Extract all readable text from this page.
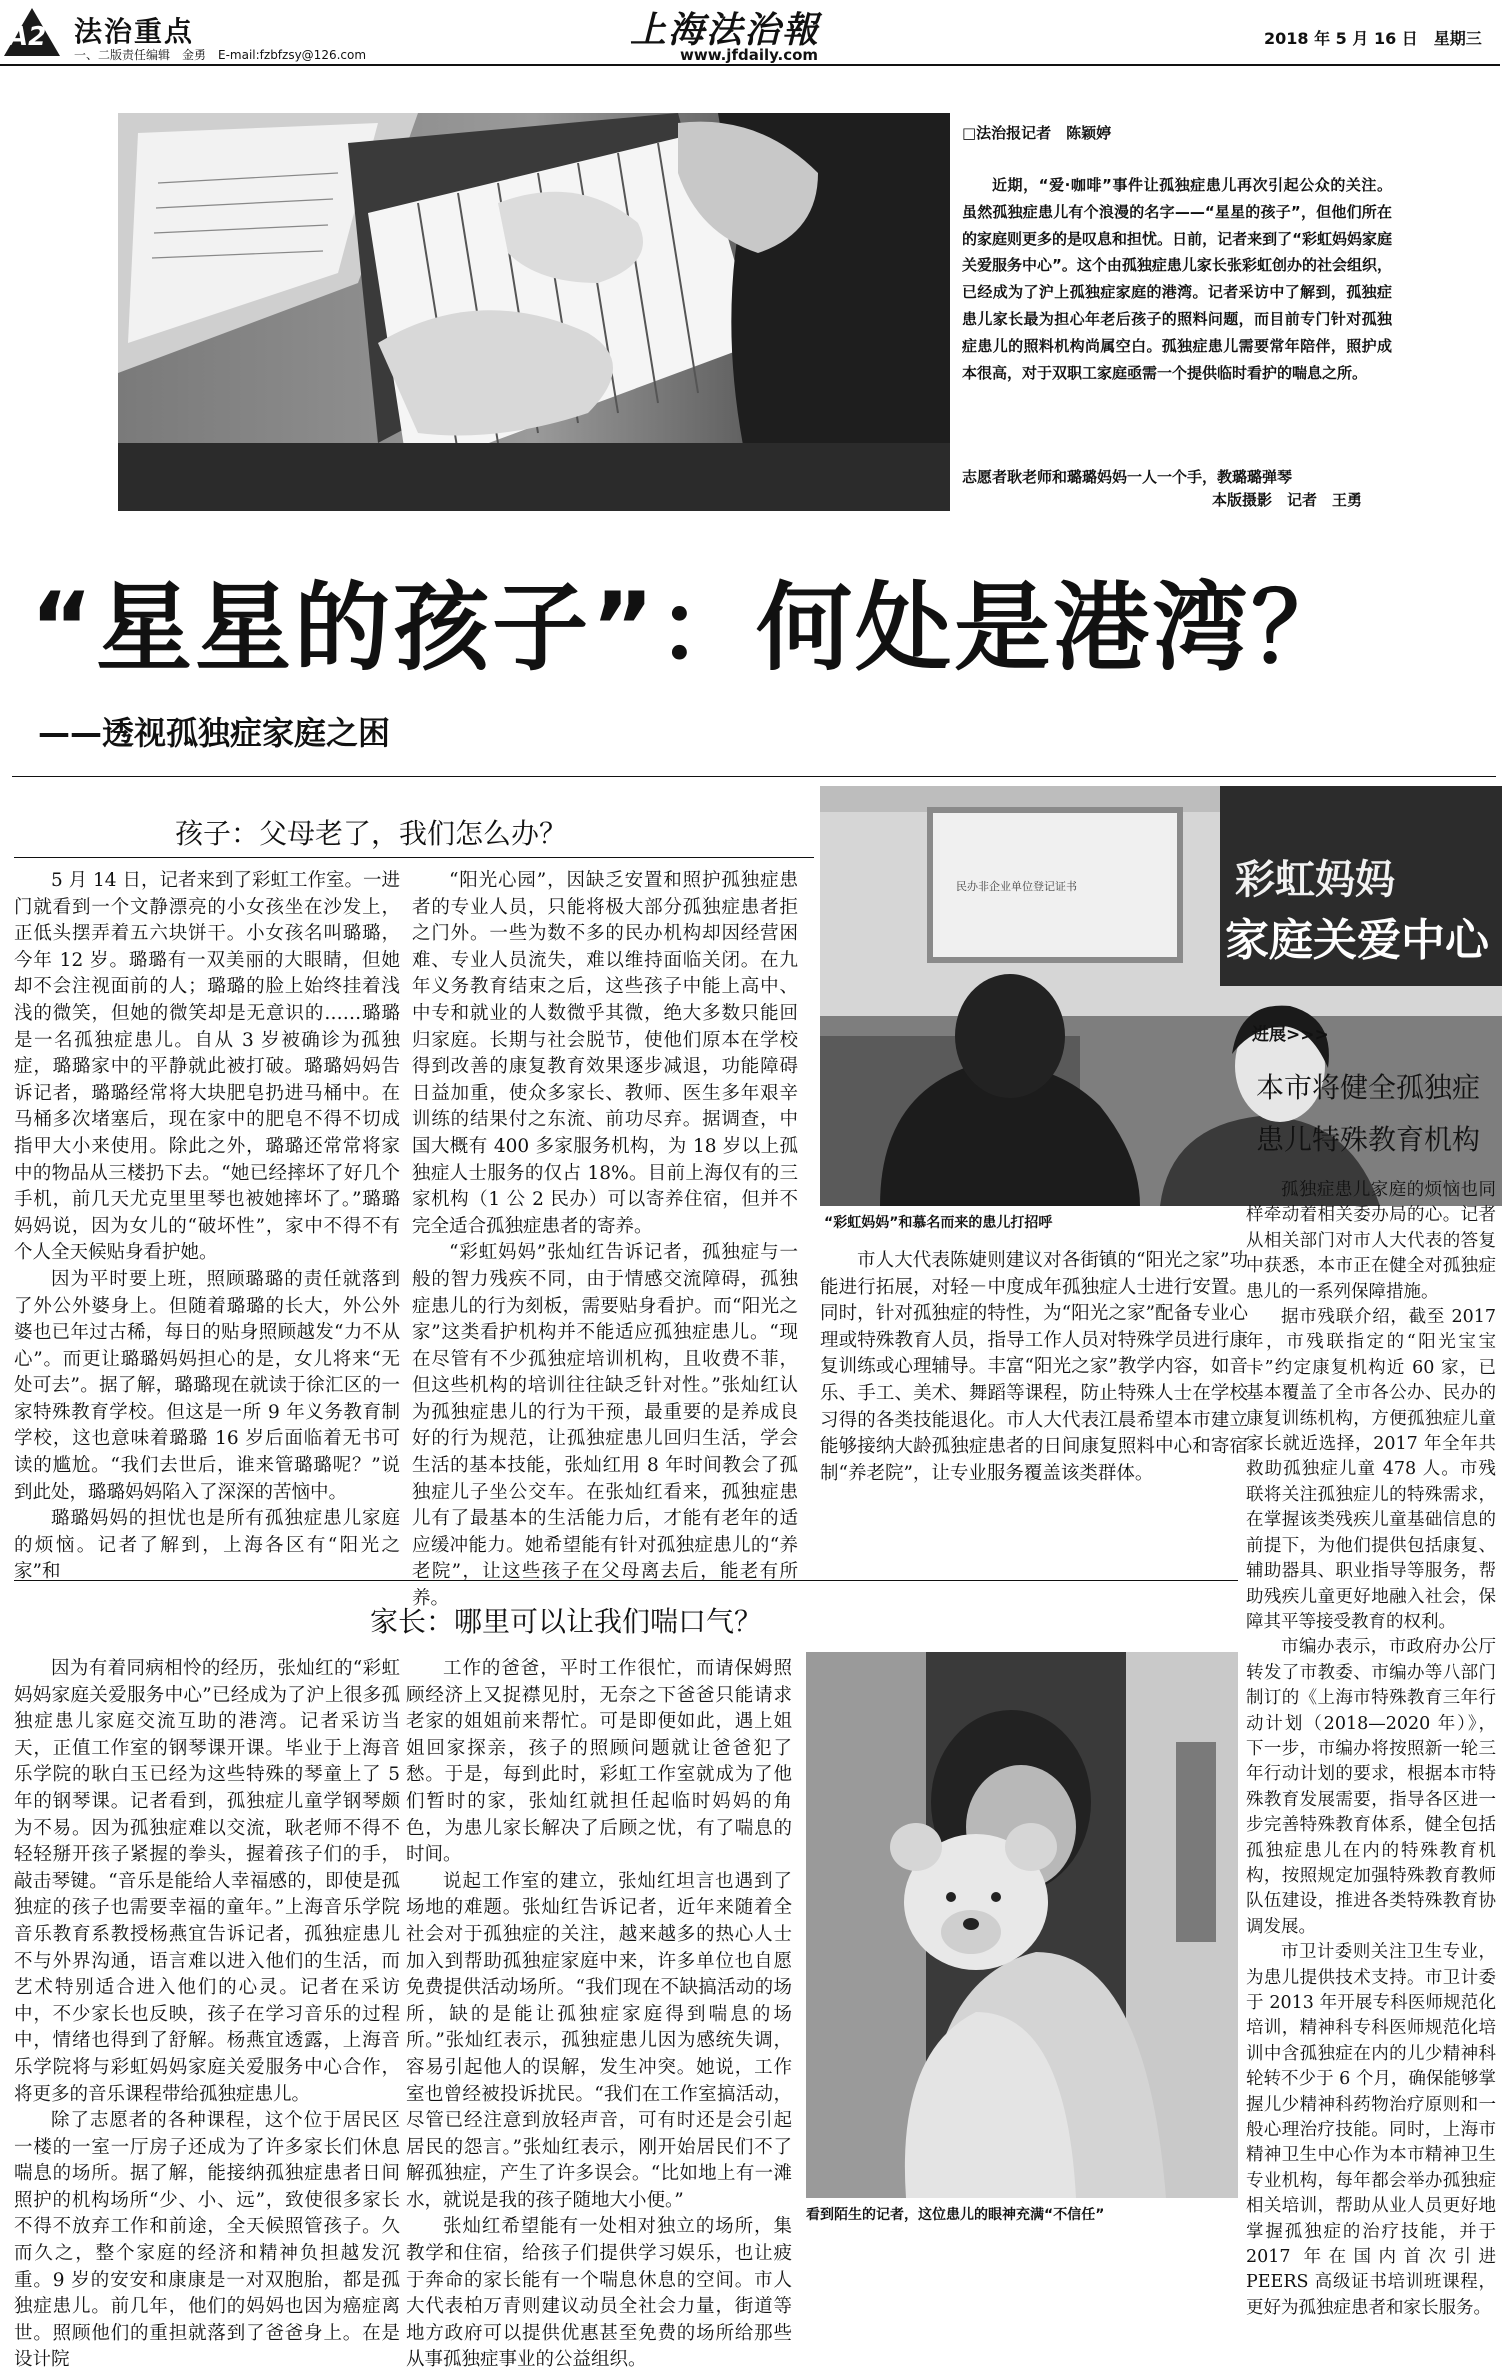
A2 法治重点
一、二版责任编辑　金勇　E-mail:fzbfzsy@126.com
上海法治報
www.jfdaily.com
2018 年 5 月 16 日　星期三
□法治报记者　陈颖婷
近期，“爱·咖啡”事件让孤独症患儿再次引起公众的关注。虽然孤独症患儿有个浪漫的名字——“星星的孩子”，但他们所在的家庭则更多的是叹息和担忧。日前，记者来到了“彩虹妈妈家庭关爱服务中心”。这个由孤独症患儿家长张彩虹创办的社会组织，已经成为了沪上孤独症家庭的港湾。记者采访中了解到，孤独症患儿家长最为担心年老后孩子的照料问题，而目前专门针对孤独症患儿的照料机构尚属空白。孤独症患儿需要常年陪伴，照护成本很高，对于双职工家庭亟需一个提供临时看护的喘息之所。
志愿者耿老师和璐璐妈妈一人一个手，教璐璐弹琴
本版摄影　记者　王勇
“星星的孩子”：何处是港湾？
——透视孤独症家庭之困
孩子：父母老了，我们怎么办？

5 月 14 日，记者来到了彩虹工作室。一进门就看到一个文静漂亮的小女孩坐在沙发上，正低头摆弄着五六块饼干。小女孩名叫璐璐，今年 12 岁。璐璐有一双美丽的大眼睛，但她却不会注视面前的人；璐璐的脸上始终挂着浅浅的微笑，但她的微笑却是无意识的……璐璐是一名孤独症患儿。自从 3 岁被确诊为孤独症，璐璐家中的平静就此被打破。璐璐妈妈告诉记者，璐璐经常将大块肥皂扔进马桶中。在马桶多次堵塞后，现在家中的肥皂不得不切成指甲大小来使用。除此之外，璐璐还常常将家中的物品从三楼扔下去。“她已经摔坏了好几个手机，前几天尤克里里琴也被她摔坏了。”璐璐妈妈说，因为女儿的“破坏性”，家中不得不有个人全天候贴身看护她。

因为平时要上班，照顾璐璐的责任就落到了外公外婆身上。但随着璐璐的长大，外公外婆也已年过古稀，每日的贴身照顾越发“力不从心”。而更让璐璐妈妈担心的是，女儿将来“无处可去”。据了解，璐璐现在就读于徐汇区的一家特殊教育学校。但这是一所 9 年义务教育制学校，这也意味着璐璐 16 岁后面临着无书可读的尴尬。“我们去世后，谁来管璐璐呢？”说到此处，璐璐妈妈陷入了深深的苦恼中。

璐璐妈妈的担忧也是所有孤独症患儿家庭的烦恼。记者了解到，上海各区有“阳光之家”和

“阳光心园”，因缺乏安置和照护孤独症患者的专业人员，只能将极大部分孤独症患者拒之门外。一些为数不多的民办机构却因经营困难、专业人员流失，难以维持面临关闭。在九年义务教育结束之后，这些孩子中能上高中、中专和就业的人数微乎其微，绝大多数只能回归家庭。长期与社会脱节，使他们原本在学校得到改善的康复教育效果逐步减退，功能障碍日益加重，使众多家长、教师、医生多年艰辛训练的结果付之东流、前功尽弃。据调查，中国大概有 400 多家服务机构，为 18 岁以上孤独症人士服务的仅占 18%。目前上海仅有的三家机构（1 公 2 民办）可以寄养住宿，但并不完全适合孤独症患者的寄养。

“彩虹妈妈”张灿红告诉记者，孤独症与一般的智力残疾不同，由于情感交流障碍，孤独症患儿的行为刻板，需要贴身看护。而“阳光之家”这类看护机构并不能适应孤独症患儿。“现在尽管有不少孤独症培训机构，且收费不菲，但这些机构的培训往往缺乏针对性。”张灿红认为孤独症患儿的行为干预，最重要的是养成良好的行为规范，让孤独症患儿回归生活，学会生活的基本技能，张灿红用 8 年时间教会了孤独症儿子坐公交车。在张灿红看来，孤独症患儿有了最基本的生活能力后，才能有老年的适应缓冲能力。她希望能有针对孤独症患儿的“养老院”，让这些孩子在父母离去后，能老有所养。

民办非企业单位登记证书	彩虹妈妈
家庭关爱中心
“彩虹妈妈”和慕名而来的患儿打招呼

市人大代表陈婕则建议对各街镇的“阳光之家”功能进行拓展，对轻－中度成年孤独症人士进行安置。同时，针对孤独症的特性，为“阳光之家”配备专业心理或特殊教育人员，指导工作人员对特殊学员进行康复训练或心理辅导。丰富“阳光之家”教学内容，如音乐、手工、美术、舞蹈等课程，防止特殊人士在学校习得的各类技能退化。市人大代表江晨希望本市建立能够接纳大龄孤独症患者的日间康复照料中心和寄宿制“养老院”，让专业服务覆盖该类群体。

进展>>>
本市将健全孤独症
患儿特殊教育机构

孤独症患儿家庭的烦恼也同样牵动着相关委办局的心。记者从相关部门对市人大代表的答复中获悉，本市正在健全对孤独症患儿的一系列保障措施。

据市残联介绍，截至 2017 年，市残联指定的“阳光宝宝卡”约定康复机构近 60 家，已基本覆盖了全市各公办、民办的康复训练机构，方便孤独症儿童家长就近选择，2017 年全年共救助孤独症儿童 478 人。市残联将关注孤独症儿的特殊需求，在掌握该类残疾儿童基础信息的前提下，为他们提供包括康复、辅助器具、职业指导等服务，帮助残疾儿童更好地融入社会，保障其平等接受教育的权利。

市编办表示，市政府办公厅转发了市教委、市编办等八部门制订的《上海市特殊教育三年行动计划（2018—2020 年）》，下一步，市编办将按照新一轮三年行动计划的要求，根据本市特殊教育发展需要，指导各区进一步完善特殊教育体系，健全包括孤独症患儿在内的特殊教育机构，按照规定加强特殊教育教师队伍建设，推进各类特殊教育协调发展。

市卫计委则关注卫生专业，为患儿提供技术支持。市卫计委于 2013 年开展专科医师规范化培训，精神科专科医师规范化培训中含孤独症在内的儿少精神科轮转不少于 6 个月，确保能够掌握儿少精神科药物治疗原则和一般心理治疗技能。同时，上海市精神卫生中心作为本市精神卫生专业机构，每年都会举办孤独症相关培训，帮助从业人员更好地掌握孤独症的治疗技能，并于 2017 年在国内首次引进 PEERS 高级证书培训班课程，更好为孤独症患者和家长服务。

家长：哪里可以让我们喘口气？

因为有着同病相怜的经历，张灿红的“彩虹妈妈家庭关爱服务中心”已经成为了沪上很多孤独症患儿家庭交流互助的港湾。记者采访当天，正值工作室的钢琴课开课。毕业于上海音乐学院的耿白玉已经为这些特殊的琴童上了 5 年的钢琴课。记者看到，孤独症儿童学钢琴颇为不易。因为孤独症难以交流，耿老师不得不轻轻掰开孩子紧握的拳头，握着孩子们的手，敲击琴键。“音乐是能给人幸福感的，即使是孤独症的孩子也需要幸福的童年。”上海音乐学院音乐教育系教授杨燕宜告诉记者，孤独症患儿不与外界沟通，语言难以进入他们的生活，而艺术特别适合进入他们的心灵。记者在采访中，不少家长也反映，孩子在学习音乐的过程中，情绪也得到了舒解。杨燕宜透露，上海音乐学院将与彩虹妈妈家庭关爱服务中心合作，将更多的音乐课程带给孤独症患儿。

除了志愿者的各种课程，这个位于居民区一楼的一室一厅房子还成为了许多家长们休息喘息的场所。据了解，能接纳孤独症患者日间照护的机构场所“少、小、远”，致使很多家长不得不放弃工作和前途，全天候照管孩子。久而久之，整个家庭的经济和精神负担越发沉重。9 岁的安安和康康是一对双胞胎，都是孤独症患儿。前几年，他们的妈妈也因为癌症离世。照顾他们的重担就落到了爸爸身上。在是设计院

工作的爸爸，平时工作很忙，而请保姆照顾经济上又捉襟见肘，无奈之下爸爸只能请求老家的姐姐前来帮忙。可是即便如此，遇上姐姐回家探亲，孩子的照顾问题就让爸爸犯了愁。于是，每到此时，彩虹工作室就成为了他们暂时的家，张灿红就担任起临时妈妈的角色，为患儿家长解决了后顾之忧，有了喘息的时间。

说起工作室的建立，张灿红坦言也遇到了场地的难题。张灿红告诉记者，近年来随着全社会对于孤独症的关注，越来越多的热心人士加入到帮助孤独症家庭中来，许多单位也自愿免费提供活动场所。“我们现在不缺搞活动的场所，缺的是能让孤独症家庭得到喘息的场所。”张灿红表示，孤独症患儿因为感统失调，容易引起他人的误解，发生冲突。她说，工作室也曾经被投诉扰民。“我们在工作室搞活动，尽管已经注意到放轻声音，可有时还是会引起居民的怨言。”张灿红表示，刚开始居民们不了解孤独症，产生了许多误会。“比如地上有一滩水，就说是我的孩子随地大小便。”

张灿红希望能有一处相对独立的场所，集教学和住宿，给孩子们提供学习娱乐，也让疲于奔命的家长能有一个喘息休息的空间。市人大代表柏万青则建议动员全社会力量，街道等地方政府可以提供优惠甚至免费的场所给那些从事孤独症事业的公益组织。

看到陌生的记者，这位患儿的眼神充满“不信任”
